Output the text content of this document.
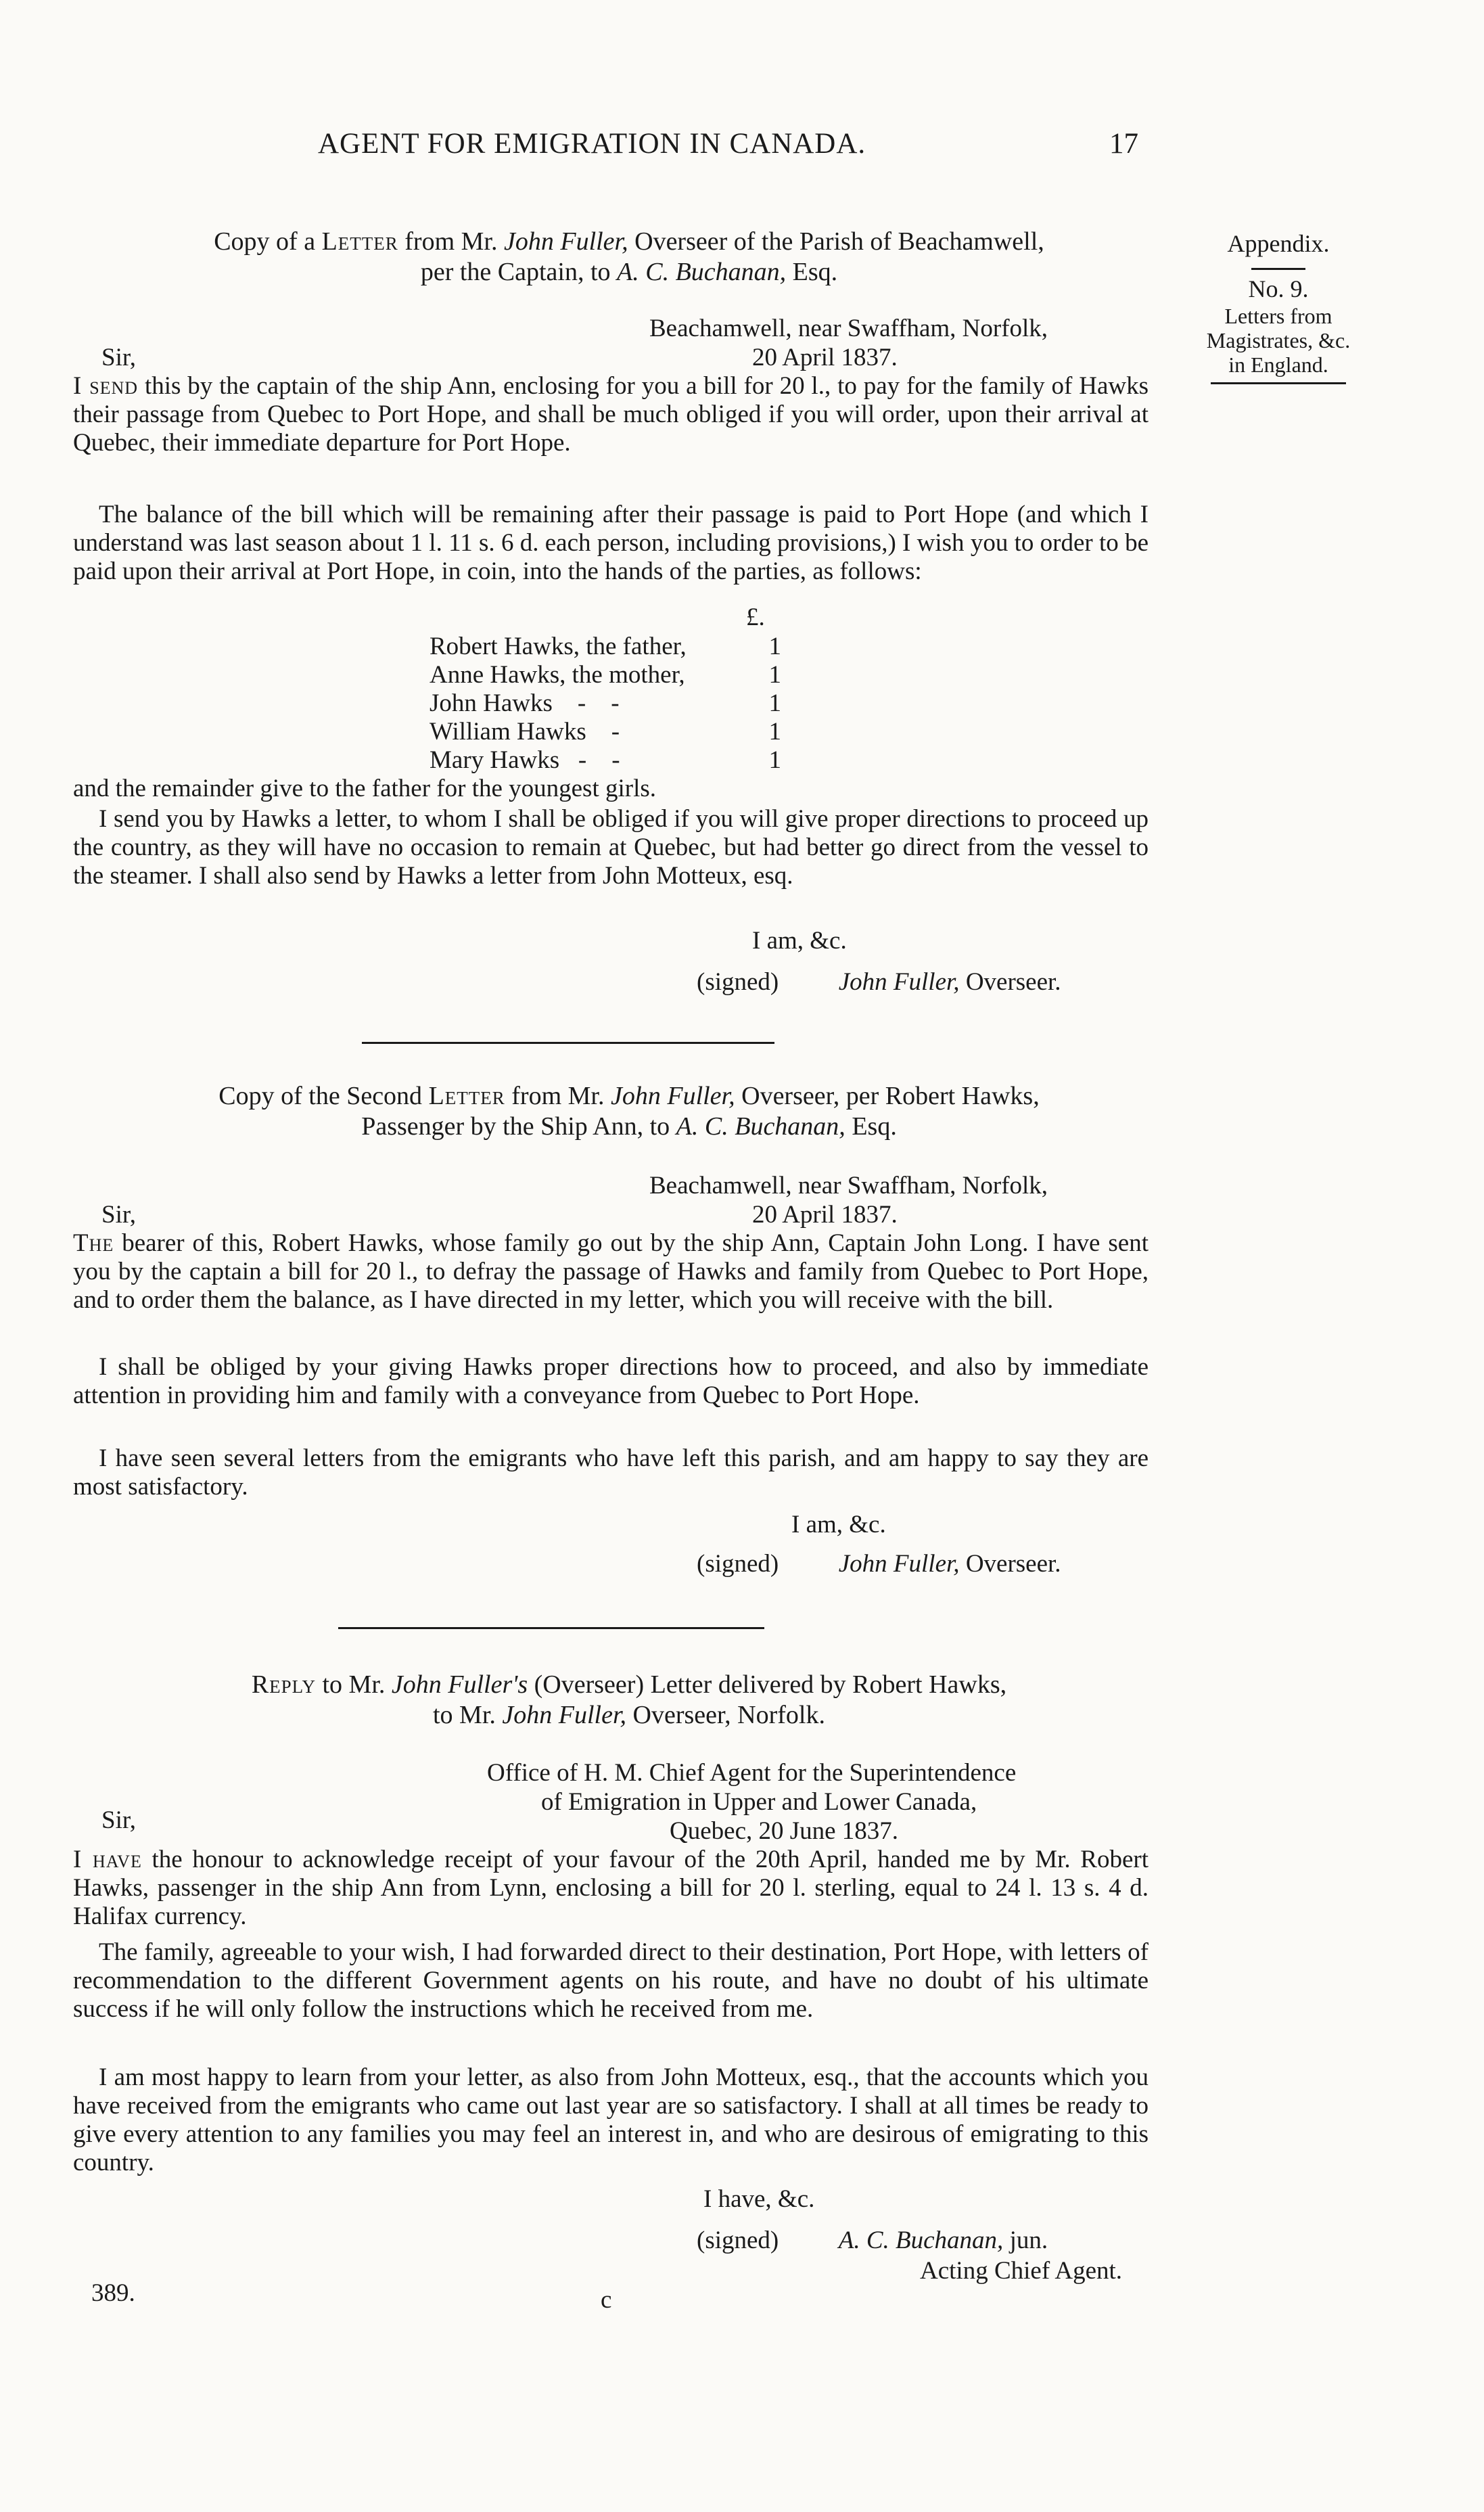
AGENT FOR EMIGRATION IN CANADA.	17
Appendix.
No. 9.
Letters from
Magistrates, &c.
in England.
Copy of a Letter from Mr. John Fuller, Overseer of the Parish of Beachamwell,
per the Captain, to A. C. Buchanan, Esq.
Beachamwell, near Swaffham, Norfolk,
Sir,	20 April 1837.
I send this by the captain of the ship Ann, enclosing for you a bill for 20 l., to pay for the family of Hawks their passage from Quebec to Port Hope, and shall be much obliged if you will order, upon their arrival at Quebec, their immediate departure for Port Hope.
The balance of the bill which will be remaining after their passage is paid to Port Hope (and which I understand was last season about 1 l. 11 s. 6 d. each person, including provisions,) I wish you to order to be paid upon their arrival at Port Hope, in coin, into the hands of the parties, as follows:
£.
Robert Hawks, the father,	1
Anne Hawks, the mother,	1
John Hawks    -    -	1
William Hawks    -	1
Mary Hawks   -    -	1
and the remainder give to the father for the youngest girls.
I send you by Hawks a letter, to whom I shall be obliged if you will give proper directions to proceed up the country, as they will have no occasion to remain at Quebec, but had better go direct from the vessel to the steamer. I shall also send by Hawks a letter from John Motteux, esq.
I am, &c.
(signed) John Fuller, Overseer.
Copy of the Second Letter from Mr. John Fuller, Overseer, per Robert Hawks,
Passenger by the Ship Ann, to A. C. Buchanan, Esq.
Beachamwell, near Swaffham, Norfolk,
Sir,	20 April 1837.
The bearer of this, Robert Hawks, whose family go out by the ship Ann, Captain John Long. I have sent you by the captain a bill for 20 l., to defray the passage of Hawks and family from Quebec to Port Hope, and to order them the balance, as I have directed in my letter, which you will receive with the bill.
I shall be obliged by your giving Hawks proper directions how to proceed, and also by immediate attention in providing him and family with a conveyance from Quebec to Port Hope.
I have seen several letters from the emigrants who have left this parish, and am happy to say they are most satisfactory.
I am, &c.
(signed) John Fuller, Overseer.
Reply to Mr. John Fuller's (Overseer) Letter delivered by Robert Hawks,
to Mr. John Fuller, Overseer, Norfolk.
Office of H. M. Chief Agent for the Superintendence
of Emigration in Upper and Lower Canada,
Sir,	Quebec, 20 June 1837.
I have the honour to acknowledge receipt of your favour of the 20th April, handed me by Mr. Robert Hawks, passenger in the ship Ann from Lynn, enclosing a bill for 20 l. sterling, equal to 24 l. 13 s. 4 d. Halifax currency.
The family, agreeable to your wish, I had forwarded direct to their destination, Port Hope, with letters of recommendation to the different Government agents on his route, and have no doubt of his ultimate success if he will only follow the instructions which he received from me.
I am most happy to learn from your letter, as also from John Motteux, esq., that the accounts which you have received from the emigrants who came out last year are so satisfactory. I shall at all times be ready to give every attention to any families you may feel an interest in, and who are desirous of emigrating to this country.
I have, &c.
(signed) A. C. Buchanan, jun.
Acting Chief Agent.
389.	c
